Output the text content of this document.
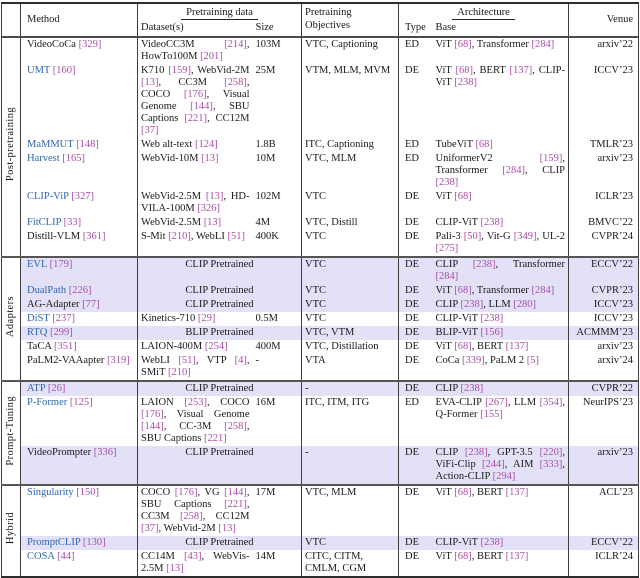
	Method	Pretraining data		Pretraining Objectives	Architecture		Venue
		Dataset(s)	Size		Type	Base	
Post-pretraining	VideoCoCa [329]	VideoCC3M [214], HowTo100M [201]	103M	VTC, Captioning	ED	ViT [68], Transformer [284]	arxiv’22
	UMT [160]	K710 [159], WebVid-2M [13], CC3M [258], COCO [176], Visual Genome [144], SBU Captions [221], CC12M [37]	25M	VTM, MLM, MVM	DE	ViT [68], BERT [137], CLIP-ViT [238]	ICCV’23
	MaMMUT [148]	Web alt-text [124]	1.8B	ITC, Captioning	ED	TubeViT [68]	TMLR’23
	Harvest [165]	WebVid-10M [13]	10M	VTC, MLM	ED	UniformerV2 [159], Transformer [284], CLIP [238]	arxiv’23
	CLIP-ViP [327]	WebVid-2.5M [13], HD-VILA-100M [326]	102M	VTC	DE	ViT [68]	ICLR’23
	FitCLIP [33]	WebVid-2.5M [13]	4M	VTC, Distill	DE	CLIP-ViT [238]	BMVC’22
	Distill-VLM [361]	S-Mit [210], WebLI [51]	400K	VTC	DE	Pali-3 [50], Vit-G [349], UL-2 [275]	CVPR’24
Adapters	EVL [179]	CLIP Pretrained		VTC	DE	CLIP [238], Transformer [284]	ECCV’22
	DualPath [226]	CLIP Pretrained		VTC	DE	ViT [68], Transformer [284]	CVPR’23
	AG-Adapter [77]	CLIP Pretrained		VTC	DE	CLIP [238], LLM [280]	ICCV’23
	DiST [237]	Kinetics-710 [29]	0.5M	VTC	DE	CLIP-ViT [238]	ICCV’23
	RTQ [299]	BLIP Pretrained		VTC, VTM	DE	BLIP-ViT [156]	ACMMM’23
	TaCA [351]	LAION-400M [254]	400M	VTC, Distillation	DE	ViT [68], BERT [137]	arxiv’23
	PaLM2-VAAapter [319]	WebLI [51], VTP [4], SMiT [210]	-	VTA	DE	CoCa [339], PaLM 2 [5]	arxiv’24
Prompt-Tuning	ATP [26]	CLIP Pretrained		-	DE	CLIP [238]	CVPR’22
	P-Former [125]	LAION [253], COCO [176], Visual Genome [144], CC-3M [258], SBU Captions [221]	16M	ITC, ITM, ITG	ED	EVA-CLIP [267], LLM [354], Q-Former [155]	NeurIPS’23
	VideoPrompter [336]	CLIP Pretrained		-	DE	CLIP [238], GPT-3.5 [220], ViFi-Clip [244], AIM [333], Action-CLIP [294]	arxiv’23
Hybrid	Singularity [150]	COCO [176], VG [144], SBU Captions [221], CC3M [258], CC12M [37], WebVid-2M [13]	17M	VTC, MLM	DE	ViT [68], BERT [137]	ACL’23
	PromptCLIP [130]	CLIP Pretrained		VTC	DE	CLIP-ViT [238]	ECCV’22
	COSA [44]	CC14M [43], WebVis-2.5M [13]	14M	CITC, CITM, CMLM, CGM	DE	ViT [68], BERT [137]	ICLR’24
